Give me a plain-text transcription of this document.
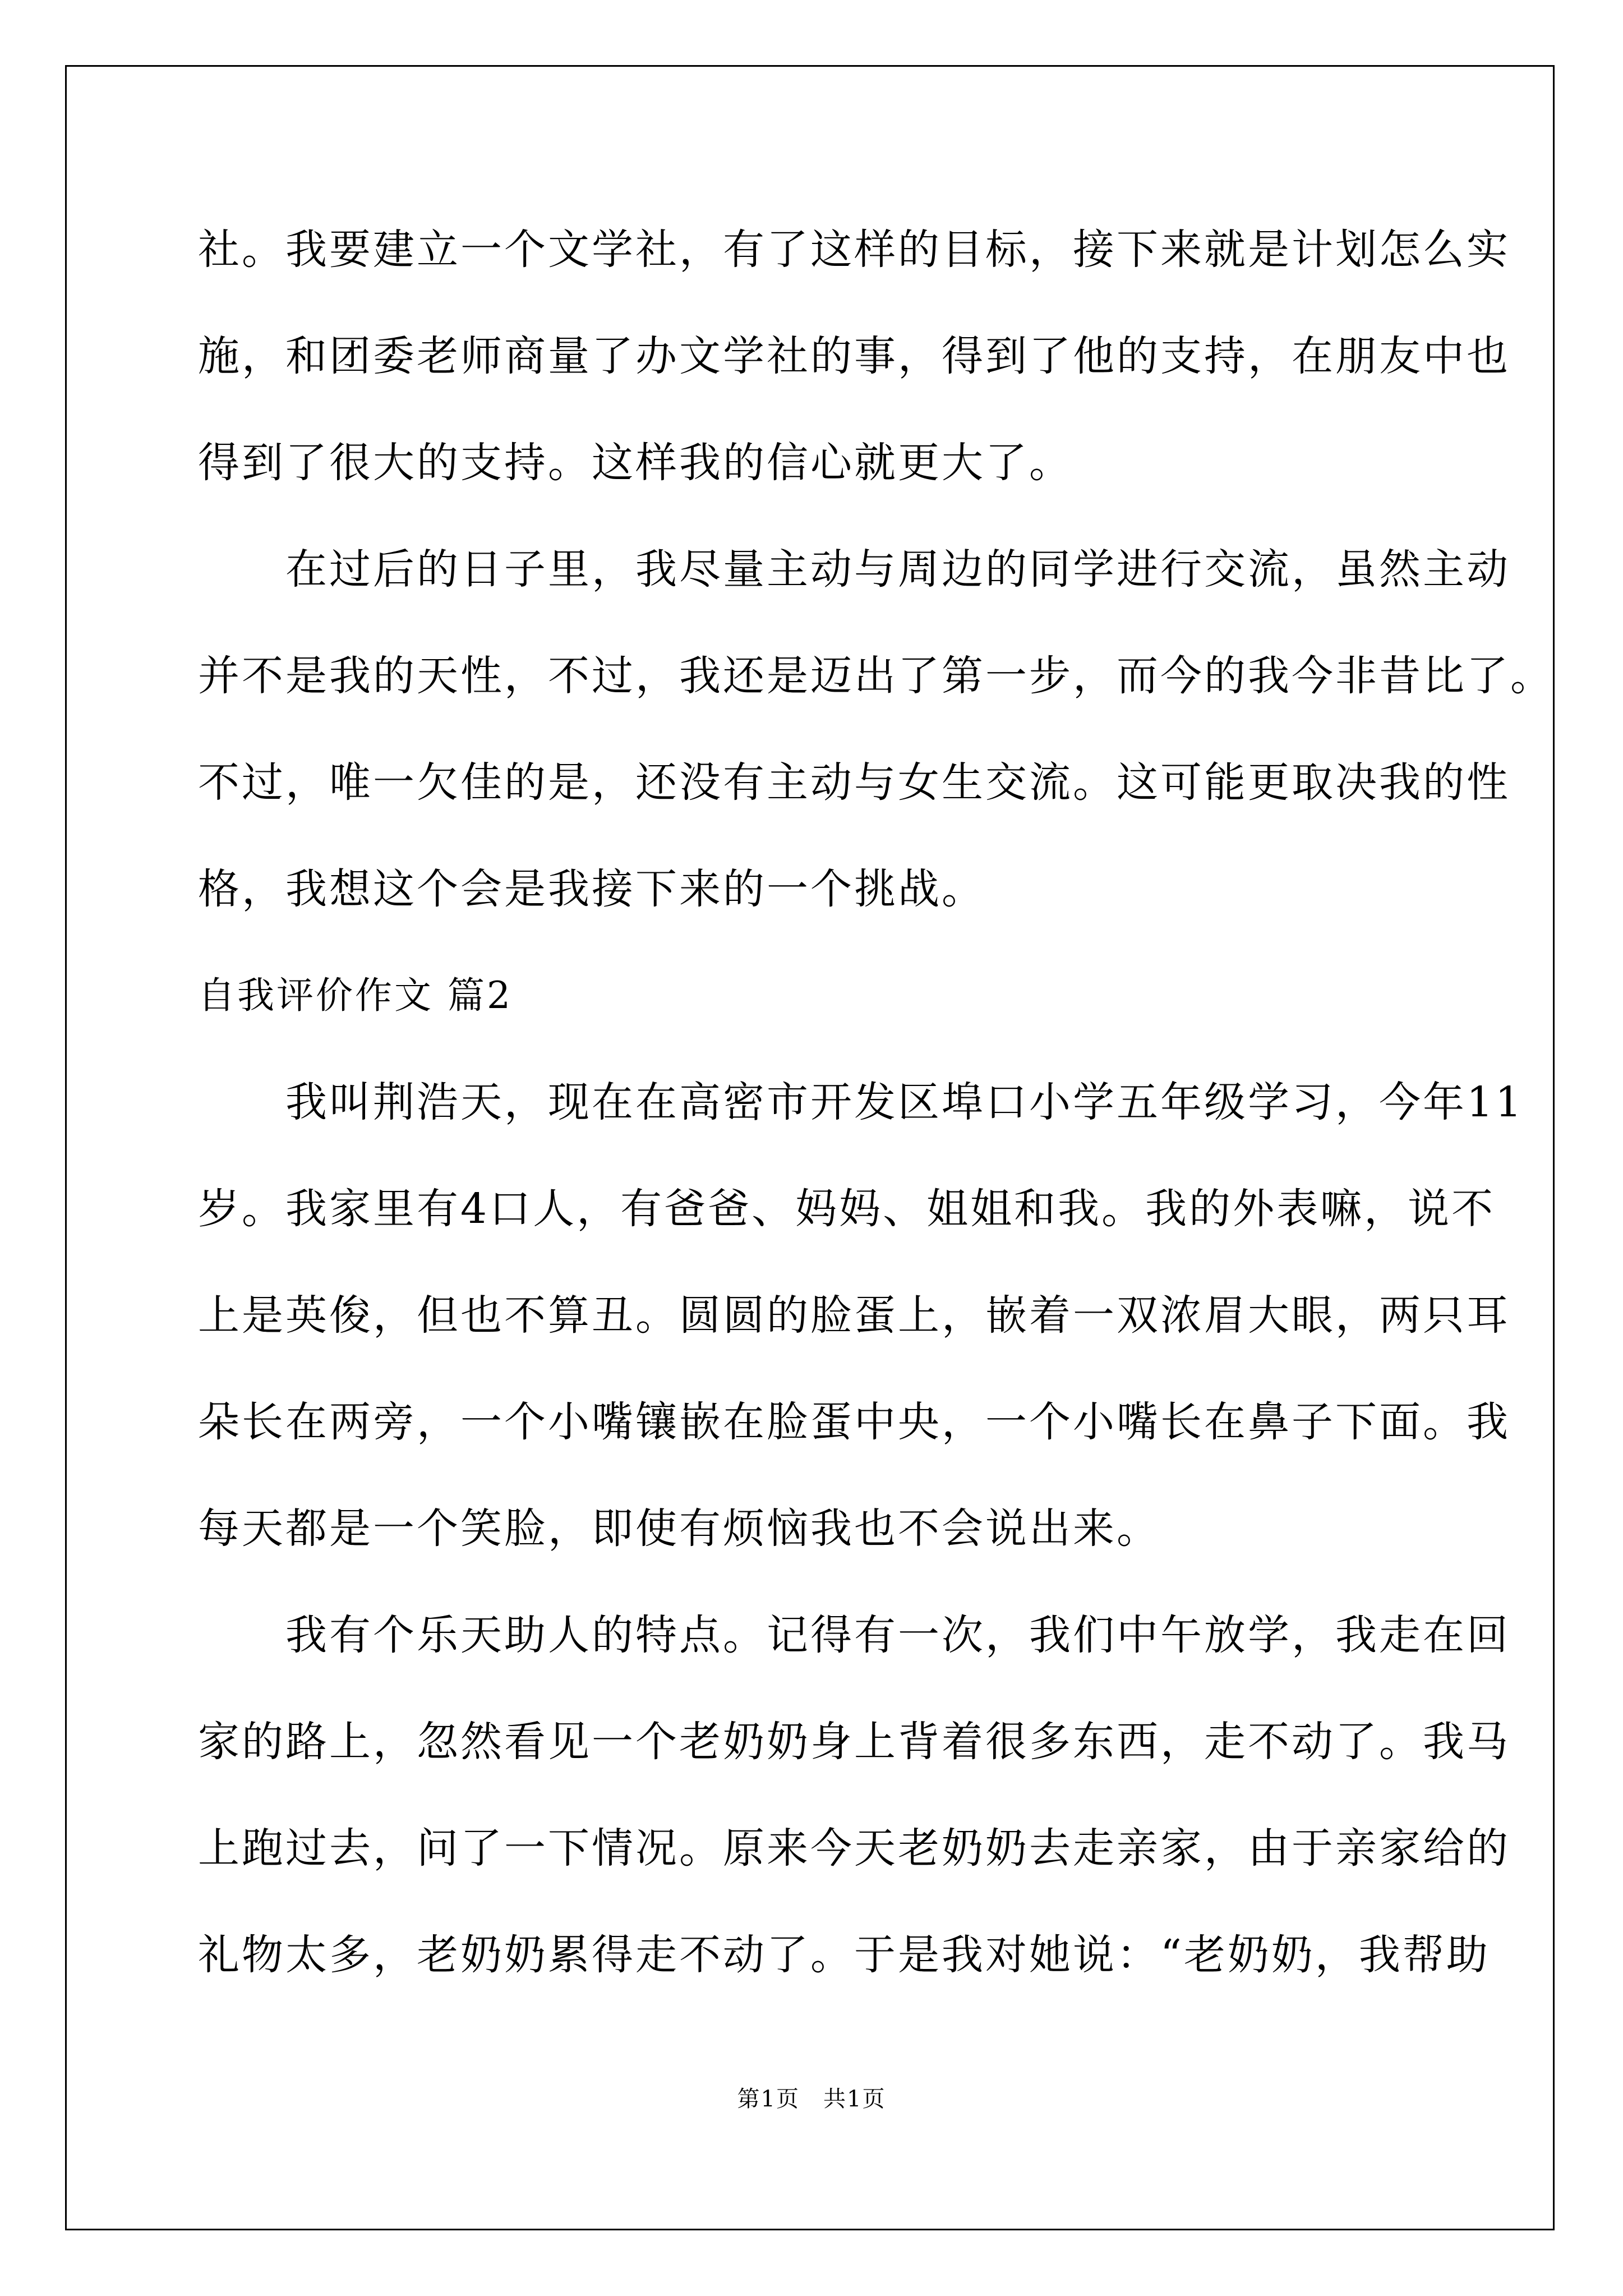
社。我要建立一个文学社，有了这样的目标，接下来就是计划怎么实
施，和团委老师商量了办文学社的事，得到了他的支持，在朋友中也
得到了很大的支持。这样我的信心就更大了。
　　在过后的日子里，我尽量主动与周边的同学进行交流，虽然主动
并不是我的天性，不过，我还是迈出了第一步，而今的我今非昔比了。
不过，唯一欠佳的是，还没有主动与女生交流。这可能更取决我的性
格，我想这个会是我接下来的一个挑战。
自我评价作文 篇2
　　我叫荆浩天，现在在高密市开发区埠口小学五年级学习，今年11
岁。我家里有4口人，有爸爸、妈妈、姐姐和我。我的外表嘛，说不
上是英俊，但也不算丑。圆圆的脸蛋上，嵌着一双浓眉大眼，两只耳
朵长在两旁，一个小嘴镶嵌在脸蛋中央，一个小嘴长在鼻子下面。我
每天都是一个笑脸，即使有烦恼我也不会说出来。
　　我有个乐天助人的特点。记得有一次，我们中午放学，我走在回
家的路上，忽然看见一个老奶奶身上背着很多东西，走不动了。我马
上跑过去，问了一下情况。原来今天老奶奶去走亲家，由于亲家给的
礼物太多，老奶奶累得走不动了。于是我对她说：“老奶奶，我帮助
第1页　共1页
